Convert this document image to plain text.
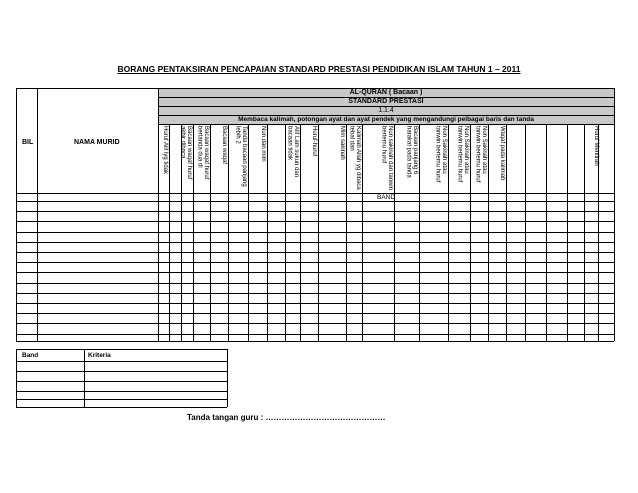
BORANG PENTAKSIRAN PENCAPAIAN STANDARD PRESTASI PENDIDIKAN ISLAM TAHUN 1 – 2011
AL-QURAN ( Bacaan )
STANDARD PRESTASI
1.1.4
Membaca kalimah, potongan ayat dan ayat pendek yang mengandungi pelbagai baris dan tanda
BIL	NAMA MURID	Huruf Alif lyg tidak	Bacaan waqaf huruf akhir dibaca	Bacaan waqaf huruf bertanda dua di	Bacaan waqaf	Tanda bacaan panjang lebih 2	Nun dan mim	Alif Lam sukun dan bacaan tidak	Huruf-huruf	Mim sakinah	Kalimah Allah yg dibaca tebal dan	Nun sakinah dan tanwin bertemu huruf	Bacaan panjang 6 harakat pada tanda	Nun Sakinah atau tanwin bertemu huruf	Nun Sakinah atau tanwin bertemu huruf	Nun Sakinah atau tanwin bertemu huruf	Waqaf pada kalimah	Huruf Mentirah
BAND
Band	Kriteria
Tanda tangan guru : ………………………………………
